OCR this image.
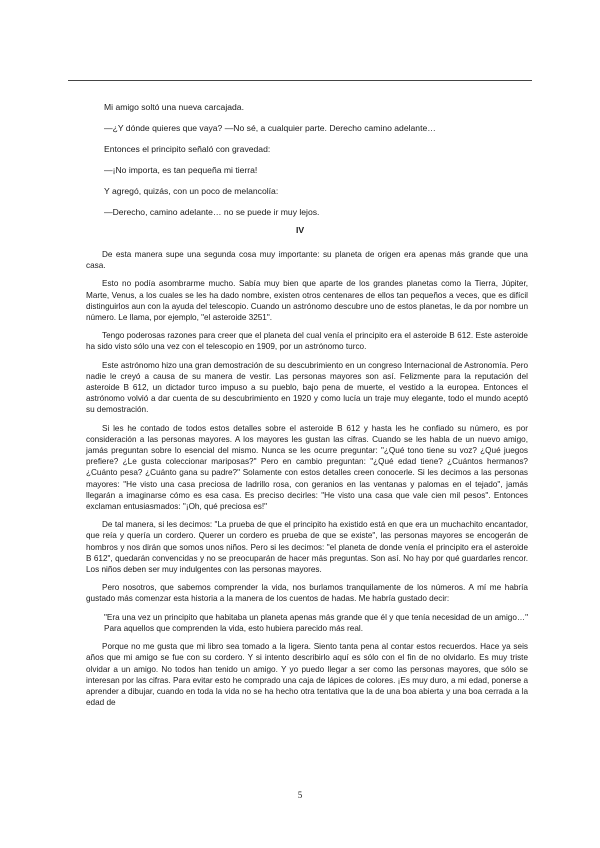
Mi amigo soltó una nueva carcajada.

—¿Y dónde quieres que vaya? —No sé, a cualquier parte. Derecho camino adelante…

Entonces el principito señaló con gravedad:

—¡No importa, es tan pequeña mi tierra!

Y agregó, quizás, con un poco de melancolía:

—Derecho, camino adelante… no se puede ir muy lejos.

IV

De esta manera supe una segunda cosa muy importante: su planeta de origen era apenas más grande que una casa.

Esto no podía asombrarme mucho. Sabía muy bien que aparte de los grandes planetas como la Tierra, Júpiter, Marte, Venus, a los cuales se les ha dado nombre, existen otros centenares de ellos tan pequeños a veces, que es difícil distinguirlos aun con la ayuda del telescopio. Cuando un astrónomo descubre uno de estos planetas, le da por nombre un número. Le llama, por ejemplo, "el asteroide 3251".

Tengo poderosas razones para creer que el planeta del cual venía el principito era el asteroide B 612. Este asteroide ha sido visto sólo una vez con el telescopio en 1909, por un astrónomo turco.

Este astrónomo hizo una gran demostración de su descubrimiento en un congreso Internacional de Astronomía. Pero nadie le creyó a causa de su manera de vestir. Las personas mayores son así. Felizmente para la reputación del asteroide B 612, un dictador turco impuso a su pueblo, bajo pena de muerte, el vestido a la europea. Entonces el astrónomo volvió a dar cuenta de su descubrimiento en 1920 y como lucía un traje muy elegante, todo el mundo aceptó su demostración.

Si les he contado de todos estos detalles sobre el asteroide B 612 y hasta les he confiado su número, es por consideración a las personas mayores. A los mayores les gustan las cifras. Cuando se les habla de un nuevo amigo, jamás preguntan sobre lo esencial del mismo. Nunca se les ocurre preguntar: "¿Qué tono tiene su voz? ¿Qué juegos prefiere? ¿Le gusta coleccionar mariposas?" Pero en cambio preguntan: "¿Qué edad tiene? ¿Cuántos hermanos? ¿Cuánto pesa? ¿Cuánto gana su padre?" Solamente con estos detalles creen conocerle. Si les decimos a las personas mayores: "He visto una casa preciosa de ladrillo rosa, con geranios en las ventanas y palomas en el tejado", jamás llegarán a imaginarse cómo es esa casa. Es preciso decirles: "He visto una casa que vale cien mil pesos". Entonces exclaman entusiasmados: "¡Oh, qué preciosa es!"

De tal manera, si les decimos: "La prueba de que el principito ha existido está en que era un muchachito encantador, que reía y quería un cordero. Querer un cordero es prueba de que se existe", las personas mayores se encogerán de hombros y nos dirán que somos unos niños. Pero si les decimos: "el planeta de donde venía el principito era el asteroide B 612", quedarán convencidas y no se preocuparán de hacer más preguntas. Son así. No hay por qué guardarles rencor. Los niños deben ser muy indulgentes con las personas mayores.

Pero nosotros, que sabemos comprender la vida, nos burlamos tranquilamente de los números. A mí me habría gustado más comenzar esta historia a la manera de los cuentos de hadas. Me habría gustado decir:

"Era una vez un principito que habitaba un planeta apenas más grande que él y que tenía necesidad de un amigo…" Para aquellos que comprenden la vida, esto hubiera parecido más real.

Porque no me gusta que mi libro sea tomado a la ligera. Siento tanta pena al contar estos recuerdos. Hace ya seis años que mi amigo se fue con su cordero. Y si intento describirlo aquí es sólo con el fin de no olvidarlo. Es muy triste olvidar a un amigo. No todos han tenido un amigo. Y yo puedo llegar a ser como las personas mayores, que sólo se interesan por las cifras. Para evitar esto he comprado una caja de lápices de colores. ¡Es muy duro, a mi edad, ponerse a aprender a dibujar, cuando en toda la vida no se ha hecho otra tentativa que la de una boa abierta y una boa cerrada a la edad de

5
